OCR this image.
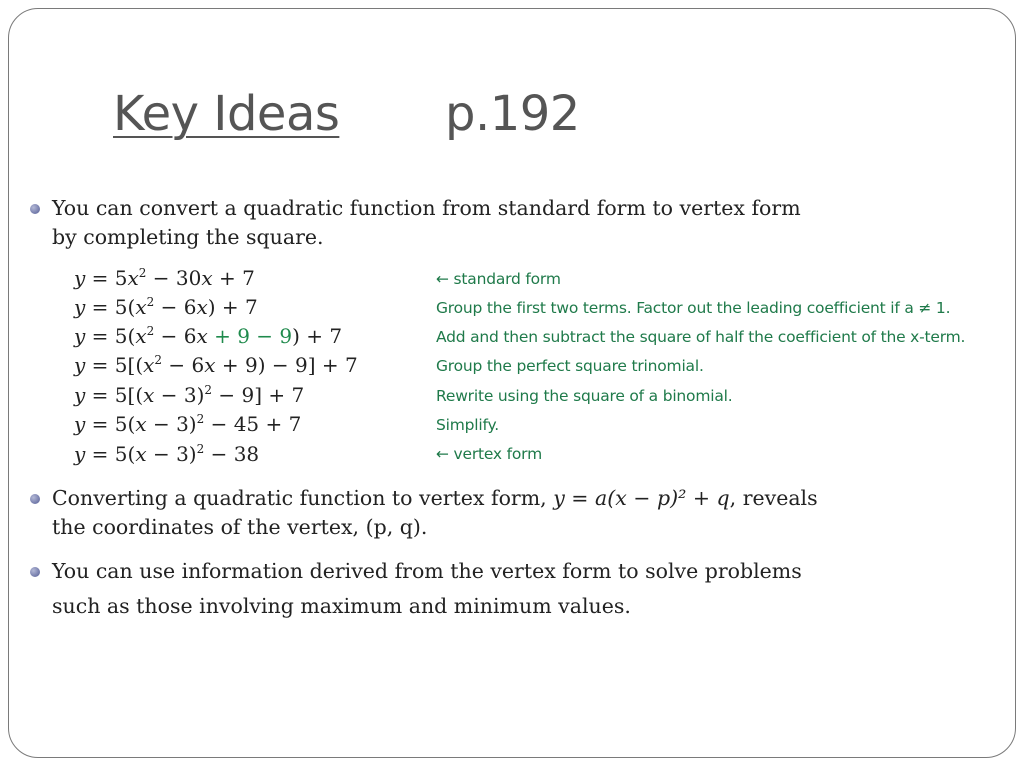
Key Ideas p.192
You can convert a quadratic function from standard form to vertex form
by completing the square.
$y = 5x^2 - 30x + 7$
$y = 5(x^2 - 6x) + 7$
$y = 5(x^2 - 6x + 9 - 9) + 7$
$y = 5[(x^2 - 6x + 9) - 9] + 7$
$y = 5[(x - 3)^2 - 9] + 7$
$y = 5(x - 3)^2 - 45 + 7$
$y = 5(x - 3)^2 - 38$
← standard form
Group the first two terms. Factor out the leading coefficient if a ≠ 1.
Add and then subtract the square of half the coefficient of the x-term.
Group the perfect square trinomial.
Rewrite using the square of a binomial.
Simplify.
← vertex form
Converting a quadratic function to vertex form, y = a(x − p)² + q, reveals
the coordinates of the vertex, (p, q).
You can use information derived from the vertex form to solve problems
such as those involving maximum and minimum values.
